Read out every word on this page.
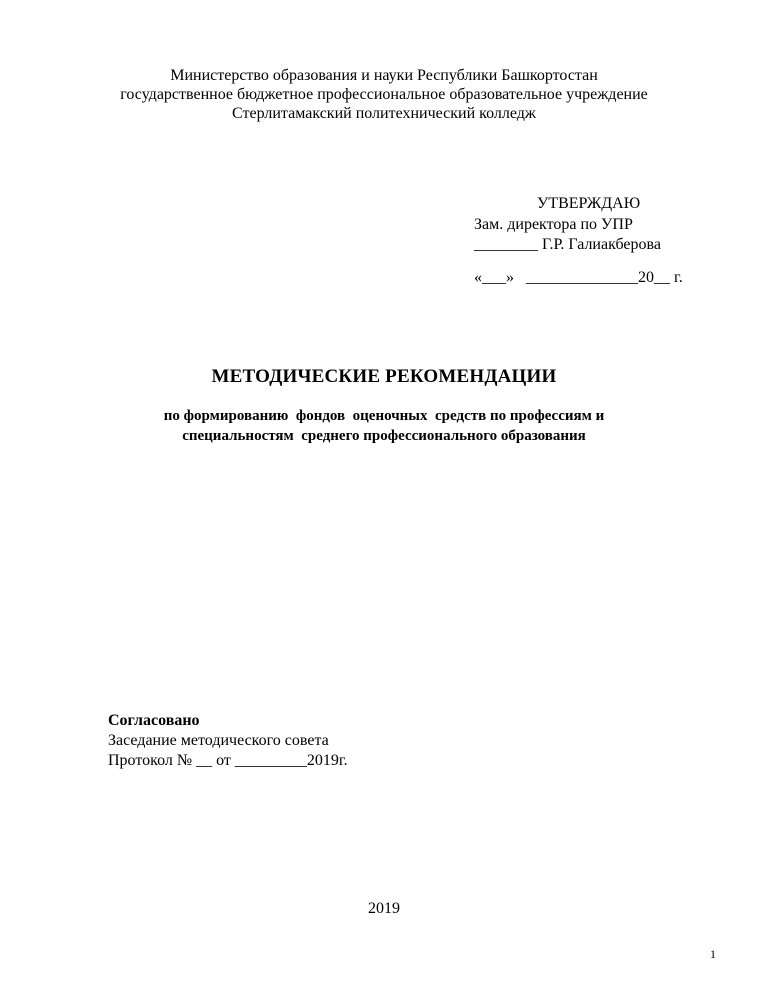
Министерство образования и науки Республики Башкортостан
государственное бюджетное профессиональное образовательное учреждение
Стерлитамакский политехнический колледж
УТВЕРЖДАЮ
Зам. директора по УПР
________ Г.Р. Галиакберова
«___»   ______________20__ г.
МЕТОДИЧЕСКИЕ РЕКОМЕНДАЦИИ
по формированию  фондов  оценочных  средств по профессиям и
специальностям  среднего профессионального образования
Согласовано
Заседание методического совета
Протокол № __ от _________2019г.
2019
1
